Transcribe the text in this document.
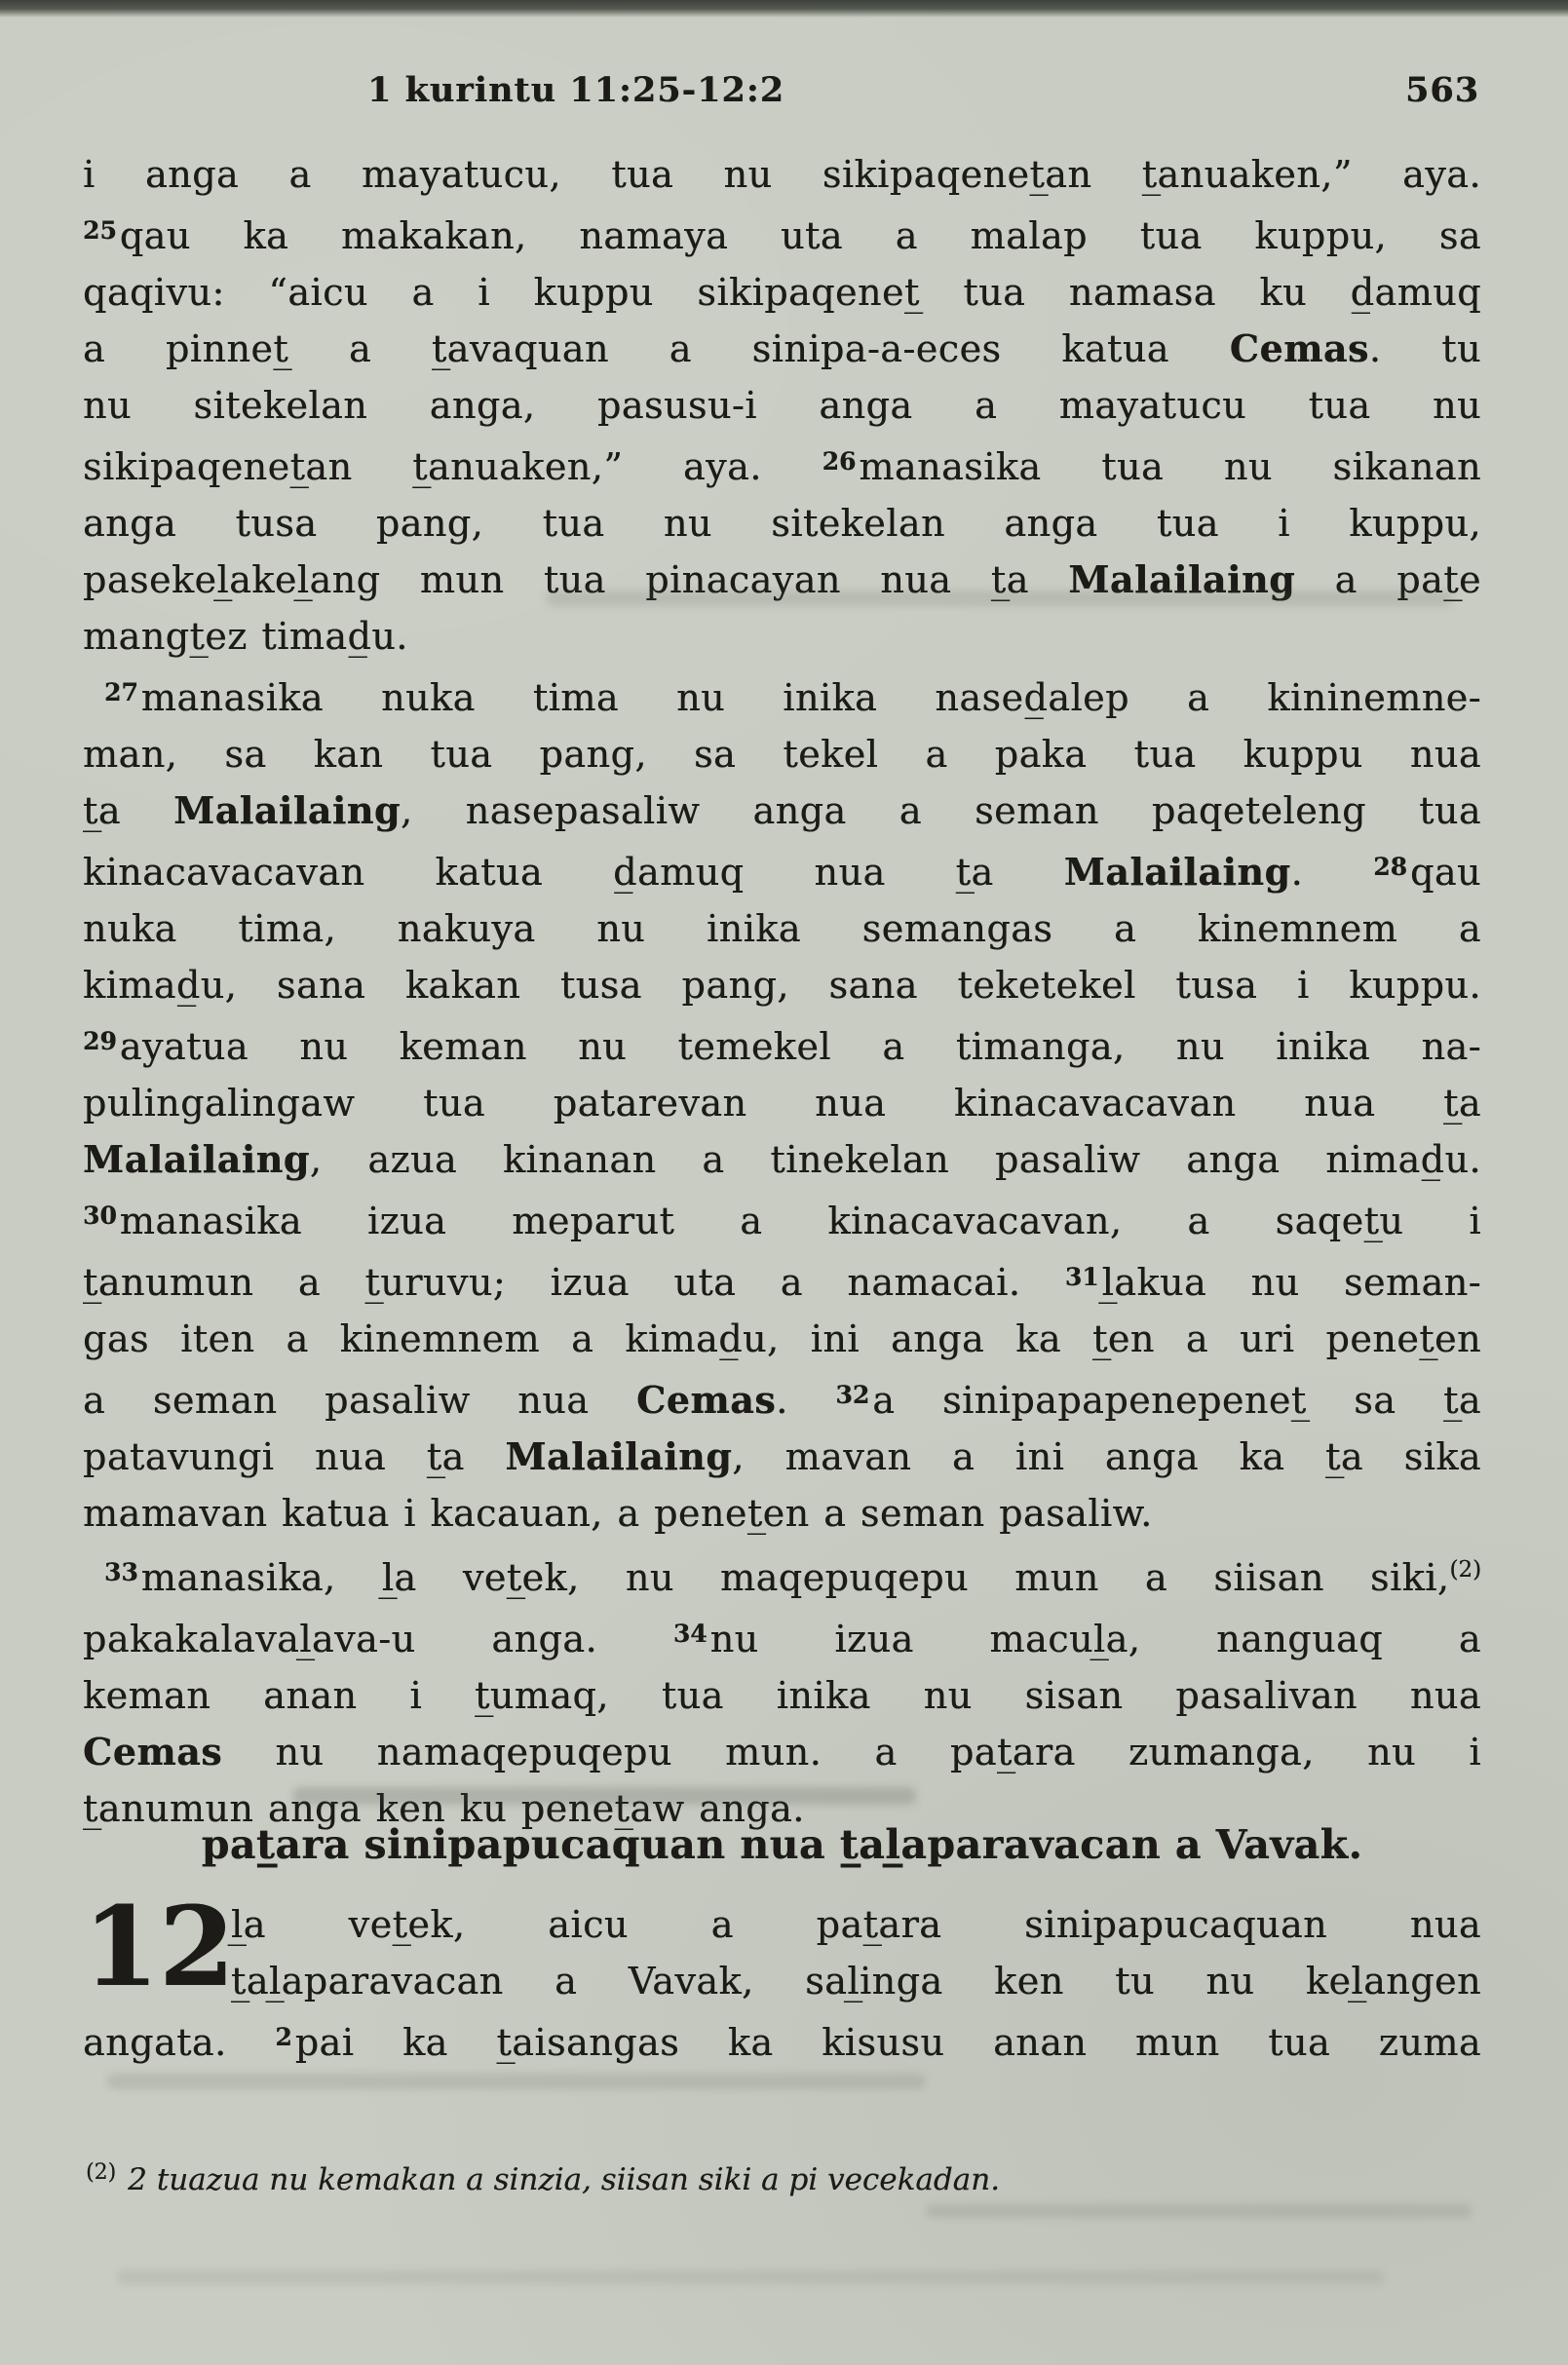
1 kurintu 11:25-12:2	563
i anga a mayatucu, tua nu sikipaqenet̲an t̲anuaken,” aya.
$^{25}$qau ka makakan, namaya uta a malap tua kuppu, sa
qaqivu: “aicu a i kuppu sikipaqenet̲ tua namasa ku d̲amuq
a pinnet̲ a t̲avaquan a sinipa-a-eces katua Cemas. tu
nu sitekelan anga, pasusu-i anga a mayatucu tua nu
sikipaqenet̲an t̲anuaken,” aya. $^{26}$manasika tua nu sikanan
anga tusa pang, tua nu sitekelan anga tua i kuppu,
pasekel̲akel̲ang mun tua pinacayan nua t̲a Malailaing a pat̲e
mangt̲ez timad̲u.
$^{27}$manasika nuka tima nu inika nased̲alep a kininemne-
man, sa kan tua pang, sa tekel a paka tua kuppu nua
t̲a Malailaing, nasepasaliw anga a seman paqeteleng tua
kinacavacavan katua d̲amuq nua t̲a Malailaing. $^{28}$qau
nuka tima, nakuya nu inika semangas a kinemnem a
kimad̲u, sana kakan tusa pang, sana teketekel tusa i kuppu.
$^{29}$ayatua nu keman nu temekel a timanga, nu inika na-
pulingalingaw tua patarevan nua kinacavacavan nua t̲a
Malailaing, azua kinanan a tinekelan pasaliw anga nimad̲u.
$^{30}$manasika izua meparut a kinacavacavan, a saqet̲u i
t̲anumun a t̲uruvu; izua uta a namacai. $^{31}$l̲akua nu seman-
gas iten a kinemnem a kimad̲u, ini anga ka t̲en a uri penet̲en
a seman pasaliw nua Cemas. $^{32}$a sinipapapenepenet̲ sa t̲a
patavungi nua t̲a Malailaing, mavan a ini anga ka t̲a sika
mamavan katua i kacauan, a penet̲en a seman pasaliw.
$^{33}$manasika, l̲a vet̲ek, nu maqepuqepu mun a siisan siki,$^{(2)}$
pakakalaval̲ava-u anga. $^{34}$nu izua macul̲a, nanguaq a
keman anan i t̲umaq, tua inika nu sisan pasalivan nua
Cemas nu namaqepuqepu mun. a pat̲ara zumanga, nu i
t̲anumun anga ken ku penet̲aw anga.
pat̲ara sinipapucaquan nua t̲al̲aparavacan a Vavak.
12
l̲a vet̲ek, aicu a pat̲ara sinipapucaquan nua
t̲al̲aparavacan a Vavak, sal̲inga ken tu nu kel̲angen
angata. $^2$pai ka t̲aisangas ka kisusu anan mun tua zuma
$^{(2)}$ 2 tuazua nu kemakan a sinzia, siisan siki a pi vecekadan.
